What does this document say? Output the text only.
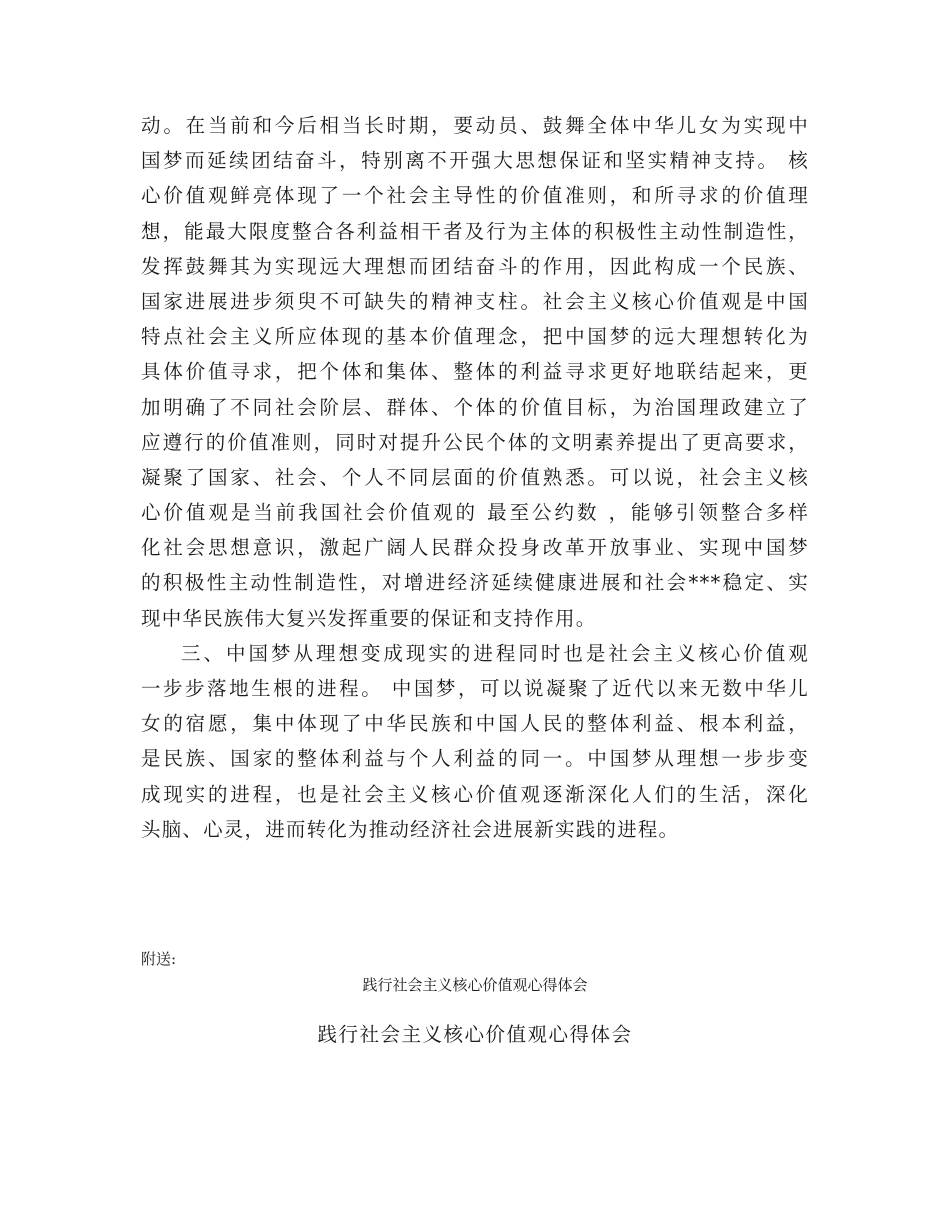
动。在当前和今后相当长时期，要动员、鼓舞全体中华儿女为实现中
国梦而延续团结奋斗，特别离不开强大思想保证和坚实精神支持。 核
心价值观鲜亮体现了一个社会主导性的价值准则，和所寻求的价值理
想，能最大限度整合各利益相干者及行为主体的积极性主动性制造性，
发挥鼓舞其为实现远大理想而团结奋斗的作用，因此构成一个民族、
国家进展进步须臾不可缺失的精神支柱。社会主义核心价值观是中国
特点社会主义所应体现的基本价值理念，把中国梦的远大理想转化为
具体价值寻求，把个体和集体、整体的利益寻求更好地联结起来，更
加明确了不同社会阶层、群体、个体的价值目标，为治国理政建立了
应遵行的价值准则，同时对提升公民个体的文明素养提出了更高要求，
凝聚了国家、社会、个人不同层面的价值熟悉。可以说，社会主义核
心价值观是当前我国社会价值观的 最至公约数 ，能够引领整合多样
化社会思想意识，激起广阔人民群众投身改革开放事业、实现中国梦
的积极性主动性制造性，对增进经济延续健康进展和社会***稳定、实
现中华民族伟大复兴发挥重要的保证和支持作用。
三、中国梦从理想变成现实的进程同时也是社会主义核心价值观
一步步落地生根的进程。 中国梦，可以说凝聚了近代以来无数中华儿
女的宿愿，集中体现了中华民族和中国人民的整体利益、根本利益，
是民族、国家的整体利益与个人利益的同一。中国梦从理想一步步变
成现实的进程，也是社会主义核心价值观逐渐深化人们的生活，深化
头脑、心灵，进而转化为推动经济社会进展新实践的进程。
附送:
践行社会主义核心价值观心得体会
践行社会主义核心价值观心得体会
